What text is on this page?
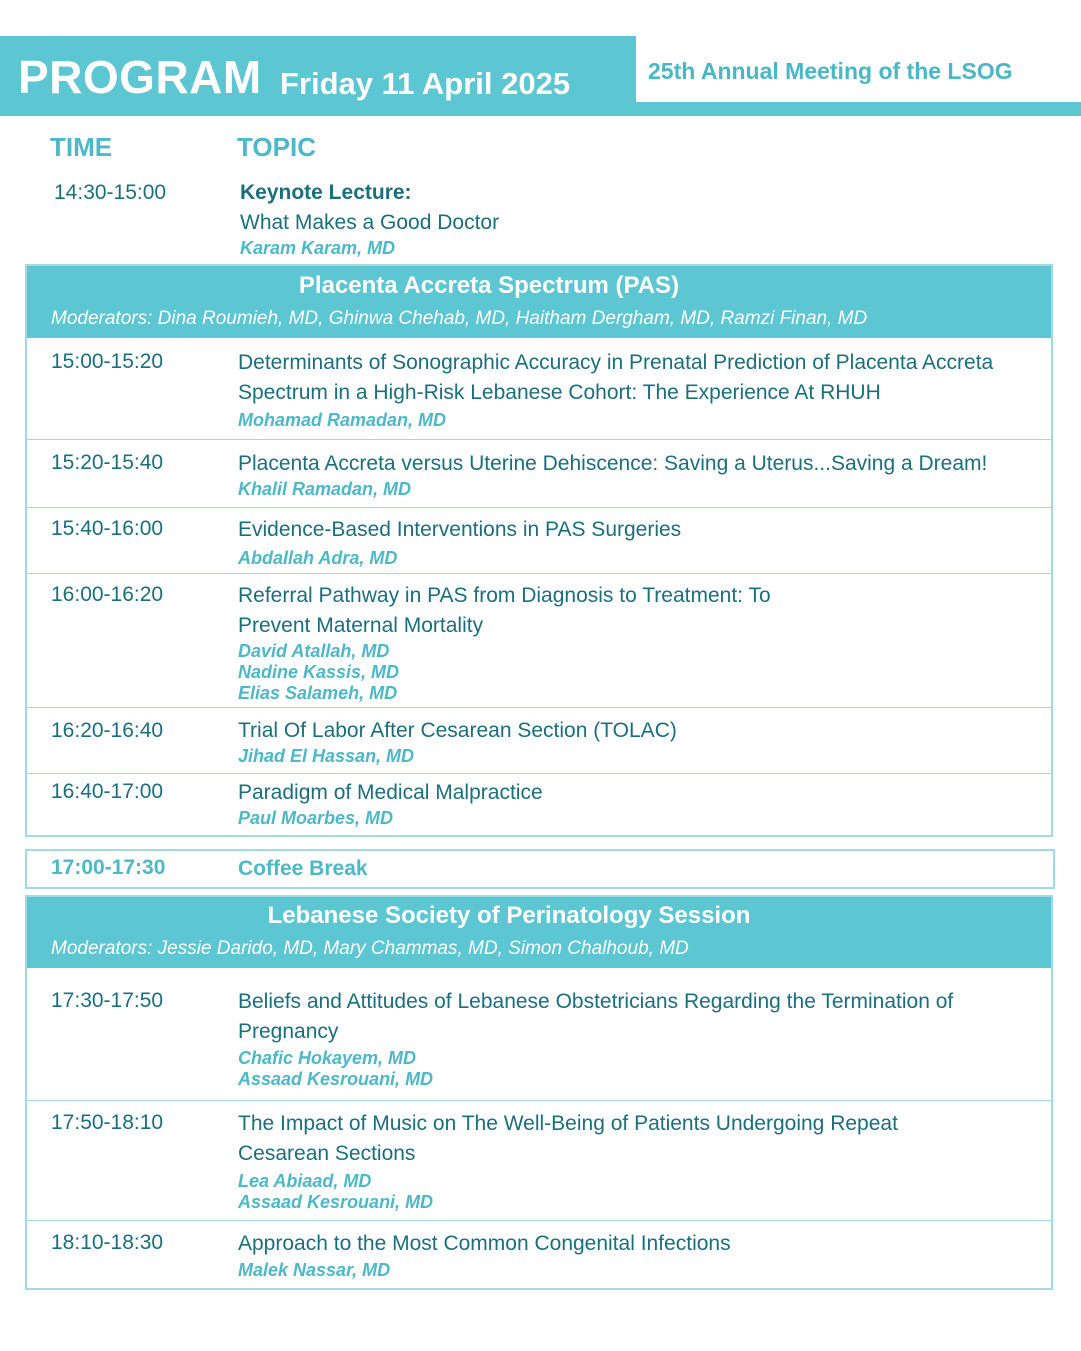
PROGRAM Friday 11 April 2025	25th Annual Meeting of the LSOG
TIME	TOPIC
14:30-15:00	Keynote Lecture:
What Makes a Good Doctor
Karam Karam, MD
Placenta Accreta Spectrum (PAS)
Moderators: Dina Roumieh, MD, Ghinwa Chehab, MD, Haitham Dergham, MD, Ramzi Finan, MD
15:00-15:20	Determinants of Sonographic Accuracy in Prenatal Prediction of Placenta Accreta Spectrum in a High-Risk Lebanese Cohort: The Experience At RHUH
Mohamad Ramadan, MD
15:20-15:40	Placenta Accreta versus Uterine Dehiscence: Saving a Uterus...Saving a Dream!
Khalil Ramadan, MD
15:40-16:00	Evidence-Based Interventions in PAS Surgeries
Abdallah Adra, MD
16:00-16:20	Referral Pathway in PAS from Diagnosis to Treatment: To Prevent Maternal Mortality
David Atallah, MD
Nadine Kassis, MD
Elias Salameh, MD
16:20-16:40	Trial Of Labor After Cesarean Section (TOLAC)
Jihad El Hassan, MD
16:40-17:00	Paradigm of Medical Malpractice
Paul Moarbes, MD
17:00-17:30	Coffee Break
Lebanese Society of Perinatology Session
Moderators: Jessie Darido, MD, Mary Chammas, MD, Simon Chalhoub, MD
17:30-17:50	Beliefs and Attitudes of Lebanese Obstetricians Regarding the Termination of Pregnancy
Chafic Hokayem, MD
Assaad Kesrouani, MD
17:50-18:10	The Impact of Music on The Well-Being of Patients Undergoing Repeat Cesarean Sections
Lea Abiaad, MD
Assaad Kesrouani, MD
18:10-18:30	Approach to the Most Common Congenital Infections
Malek Nassar, MD
